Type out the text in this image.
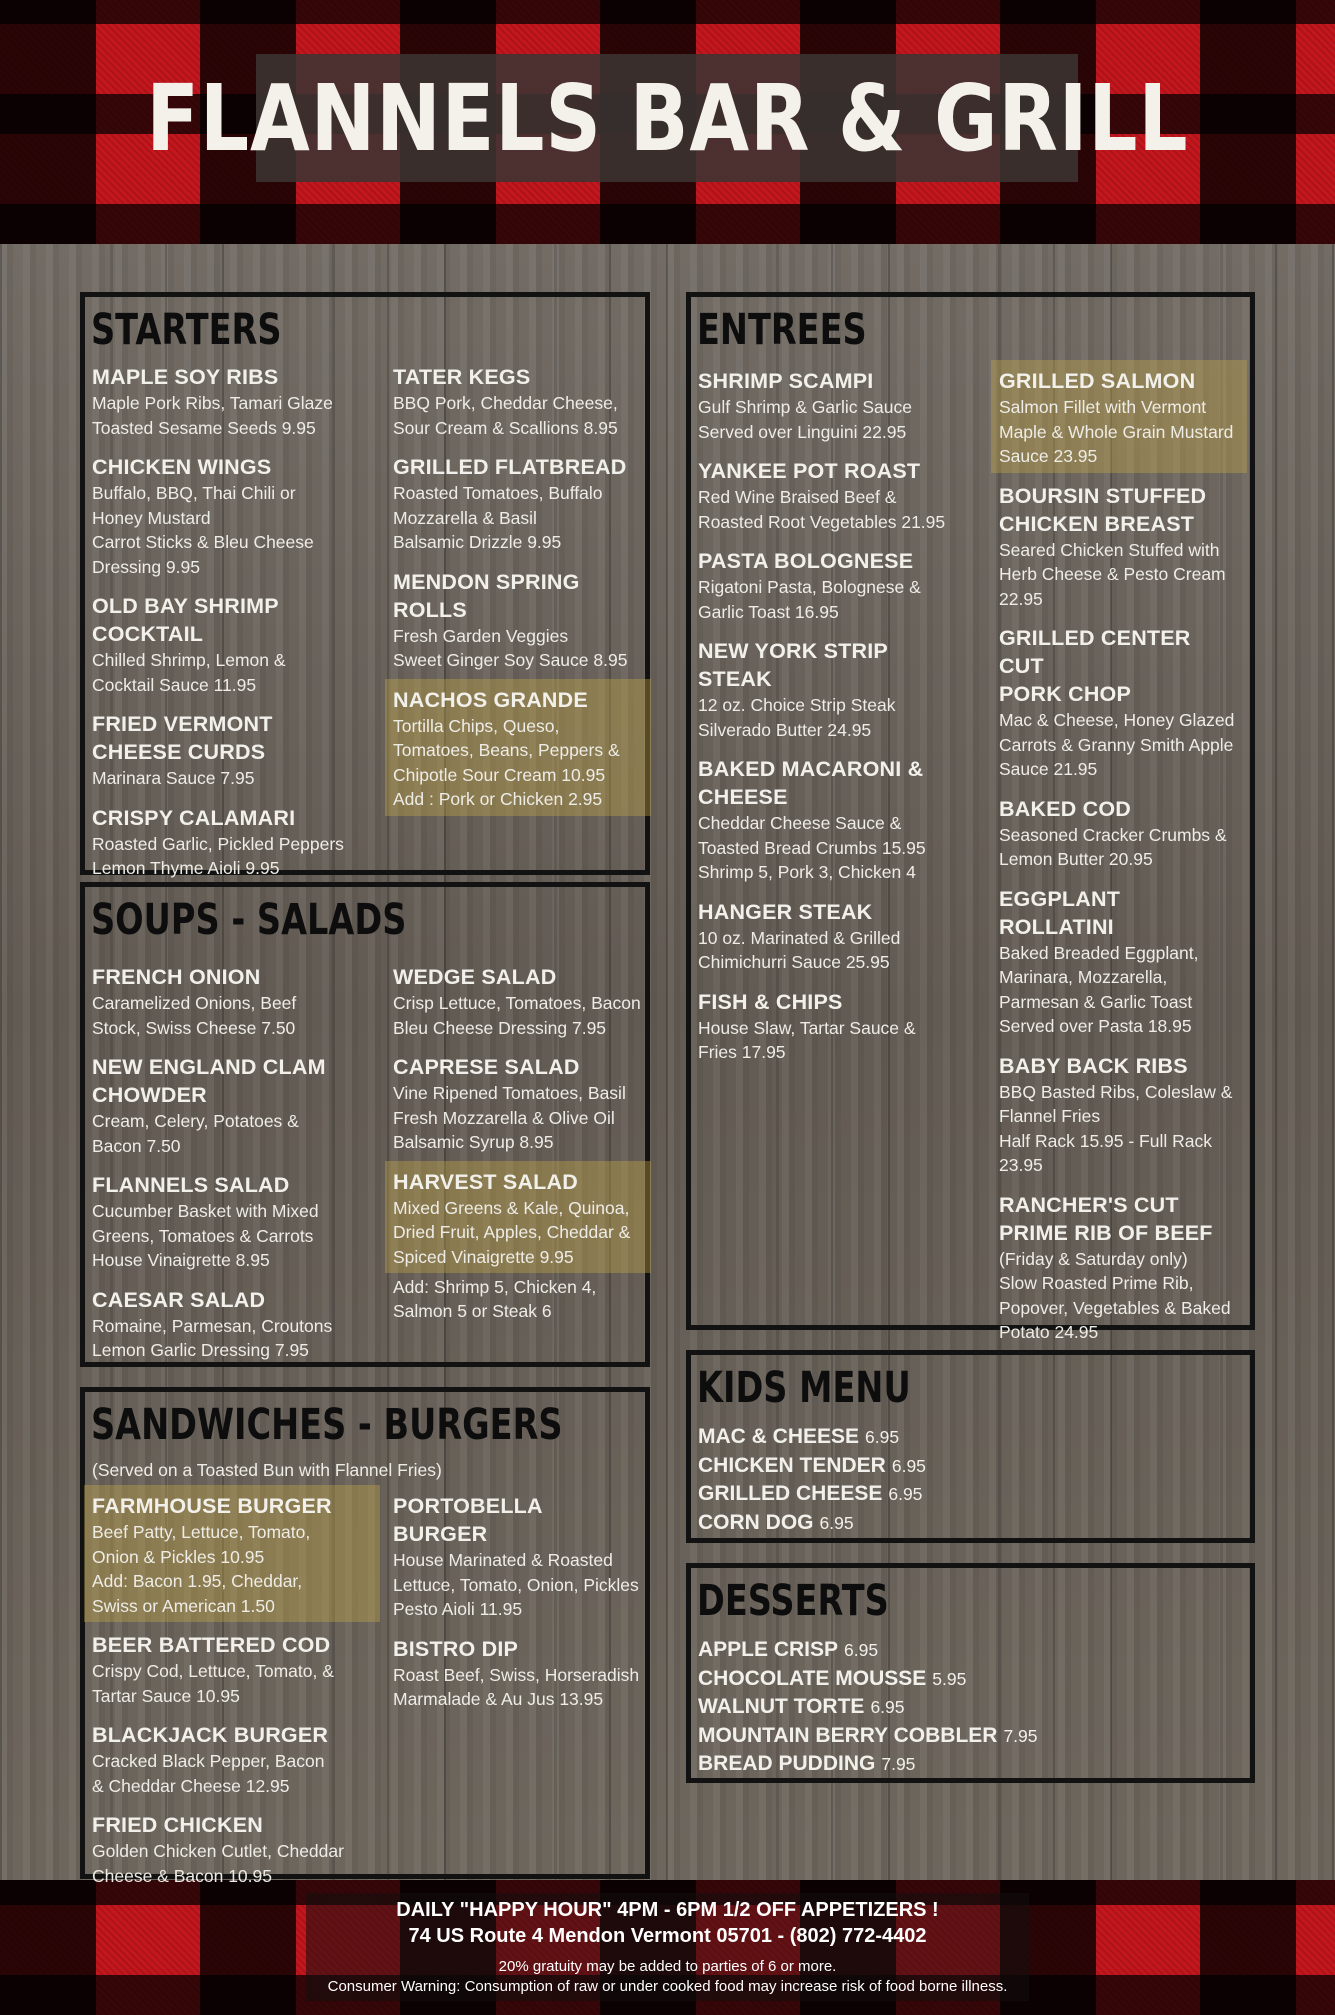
FLANNELS BAR & GRILL
STARTERS
MAPLE SOY RIBS
Maple Pork Ribs, Tamari Glaze
Toasted Sesame Seeds 9.95
CHICKEN WINGS
Buffalo, BBQ, Thai Chili or
Honey Mustard
Carrot Sticks & Bleu Cheese
Dressing 9.95
OLD BAY SHRIMP
COCKTAIL
Chilled Shrimp, Lemon &
Cocktail Sauce 11.95
FRIED VERMONT
CHEESE CURDS
Marinara Sauce 7.95
CRISPY CALAMARI
Roasted Garlic, Pickled Peppers
Lemon Thyme Aioli 9.95
TATER KEGS
BBQ Pork, Cheddar Cheese,
Sour Cream & Scallions 8.95
GRILLED FLATBREAD
Roasted Tomatoes, Buffalo
Mozzarella & Basil
Balsamic Drizzle 9.95
MENDON SPRING
ROLLS
Fresh Garden Veggies
Sweet Ginger Soy Sauce 8.95
NACHOS GRANDE
Tortilla Chips, Queso,
Tomatoes, Beans, Peppers &
Chipotle Sour Cream 10.95
Add : Pork or Chicken 2.95
SOUPS - SALADS
FRENCH ONION
Caramelized Onions, Beef
Stock, Swiss Cheese 7.50
NEW ENGLAND CLAM
CHOWDER
Cream, Celery, Potatoes &
Bacon 7.50
FLANNELS SALAD
Cucumber Basket with Mixed
Greens, Tomatoes & Carrots
House Vinaigrette 8.95
CAESAR SALAD
Romaine, Parmesan, Croutons
Lemon Garlic Dressing 7.95
WEDGE SALAD
Crisp Lettuce, Tomatoes, Bacon
Bleu Cheese Dressing 7.95
CAPRESE SALAD
Vine Ripened Tomatoes, Basil
Fresh Mozzarella & Olive Oil
Balsamic Syrup 8.95
HARVEST SALAD
Mixed Greens & Kale, Quinoa,
Dried Fruit, Apples, Cheddar &
Spiced Vinaigrette 9.95
Add: Shrimp 5, Chicken 4,
Salmon 5 or Steak 6
SANDWICHES - BURGERS
(Served on a Toasted Bun with Flannel Fries)
FARMHOUSE BURGER
Beef Patty, Lettuce, Tomato,
Onion & Pickles 10.95
Add: Bacon 1.95, Cheddar,
Swiss or American 1.50
BEER BATTERED COD
Crispy Cod, Lettuce, Tomato, &
Tartar Sauce 10.95
BLACKJACK BURGER
Cracked Black Pepper, Bacon
& Cheddar Cheese 12.95
FRIED CHICKEN
Golden Chicken Cutlet, Cheddar
Cheese & Bacon 10.95
PORTOBELLA
BURGER
House Marinated & Roasted
Lettuce, Tomato, Onion, Pickles
Pesto Aioli 11.95
BISTRO DIP
Roast Beef, Swiss, Horseradish
Marmalade & Au Jus 13.95
ENTREES
SHRIMP SCAMPI
Gulf Shrimp & Garlic Sauce
Served over Linguini 22.95
YANKEE POT ROAST
Red Wine Braised Beef &
Roasted Root Vegetables 21.95
PASTA BOLOGNESE
Rigatoni Pasta, Bolognese &
Garlic Toast 16.95
NEW YORK STRIP
STEAK
12 oz. Choice Strip Steak
Silverado Butter 24.95
BAKED MACARONI &
CHEESE
Cheddar Cheese Sauce &
Toasted Bread Crumbs 15.95
Shrimp 5, Pork 3, Chicken 4
HANGER STEAK
10 oz. Marinated & Grilled
Chimichurri Sauce 25.95
FISH & CHIPS
House Slaw, Tartar Sauce &
Fries 17.95
GRILLED SALMON
Salmon Fillet with Vermont
Maple & Whole Grain Mustard
Sauce 23.95
BOURSIN STUFFED
CHICKEN BREAST
Seared Chicken Stuffed with
Herb Cheese & Pesto Cream
22.95
GRILLED CENTER CUT
PORK CHOP
Mac & Cheese, Honey Glazed
Carrots & Granny Smith Apple
Sauce 21.95
BAKED COD
Seasoned Cracker Crumbs &
Lemon Butter 20.95
EGGPLANT ROLLATINI
Baked Breaded Eggplant,
Marinara, Mozzarella,
Parmesan & Garlic Toast
Served over Pasta 18.95
BABY BACK RIBS
BBQ Basted Ribs, Coleslaw &
Flannel Fries
Half Rack 15.95 - Full Rack
23.95
RANCHER'S CUT
PRIME RIB OF BEEF
(Friday & Saturday only)
Slow Roasted Prime Rib,
Popover, Vegetables & Baked
Potato 24.95
KIDS MENU
MAC & CHEESE 6.95
CHICKEN TENDER 6.95
GRILLED CHEESE 6.95
CORN DOG 6.95
DESSERTS
APPLE CRISP 6.95
CHOCOLATE MOUSSE 5.95
WALNUT TORTE 6.95
MOUNTAIN BERRY COBBLER 7.95
BREAD PUDDING 7.95
DAILY "HAPPY HOUR" 4PM - 6PM 1/2 OFF APPETIZERS !
74 US Route 4 Mendon Vermont 05701 - (802) 772-4402
20% gratuity may be added to parties of 6 or more.
Consumer Warning: Consumption of raw or under cooked food may increase risk of food borne illness.
